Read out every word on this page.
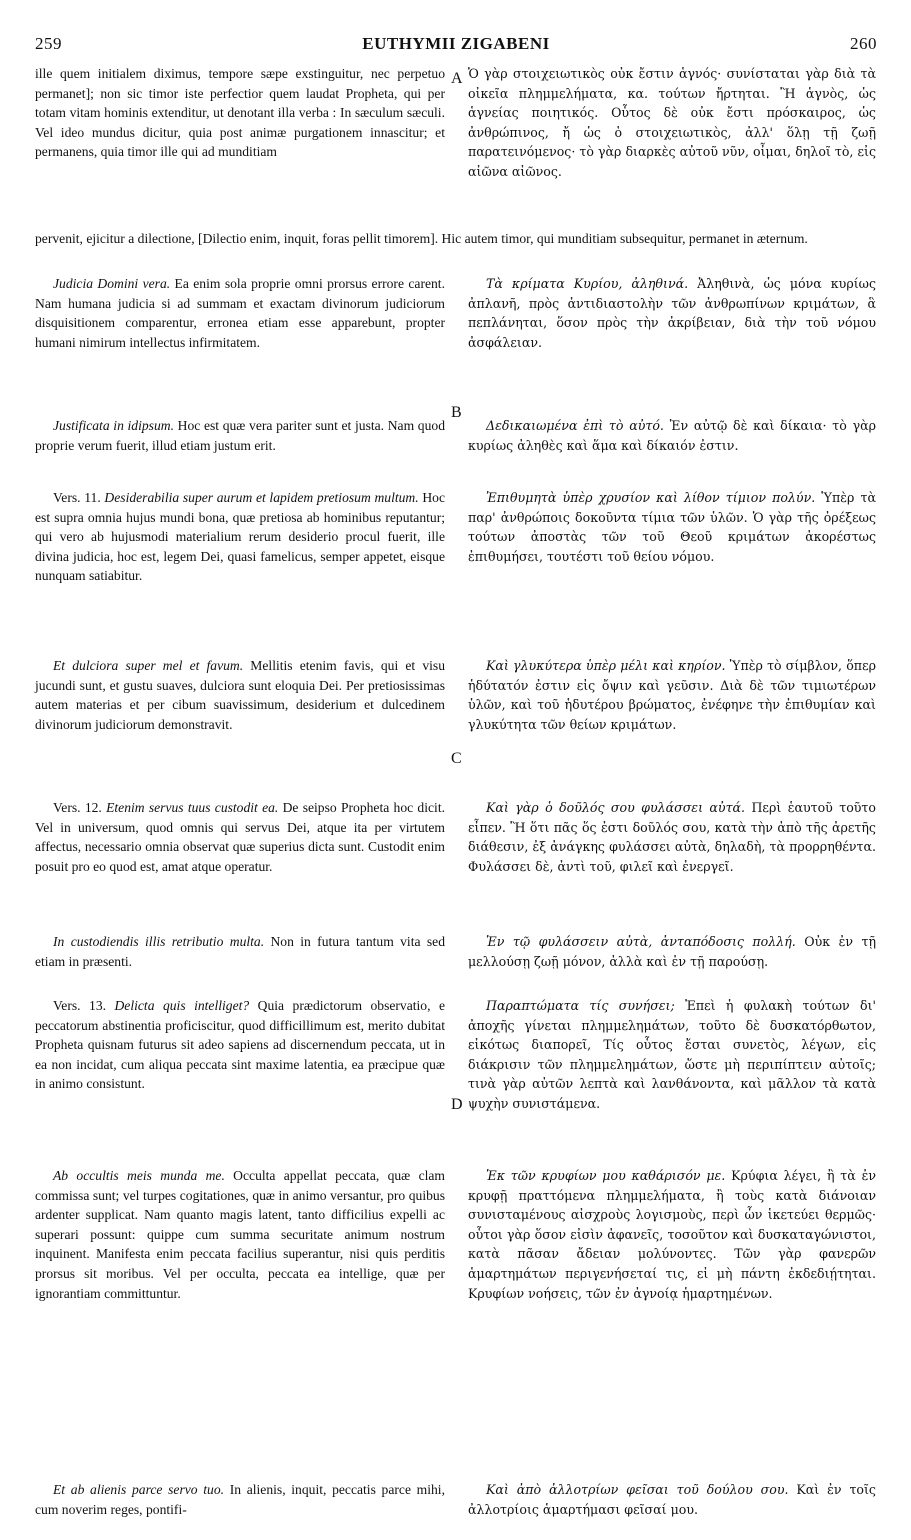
259	EUTHYMII ZIGABENI	260
A
B
C
D

ille quem initialem diximus, tempore sæpe exstinguitur, nec perpetuo permanet]; non sic timor iste perfectior quem laudat Propheta, qui per totam vitam hominis extenditur, ut denotant illa verba : In sæculum sæculi. Vel ideo mundus dicitur, quia post animæ purgationem innascitur; et permanens, quia timor ille qui ad munditiam

Ὁ γὰρ στοιχειωτικὸς οὐκ ἔστιν ἁγνός· συνίσταται γὰρ διὰ τὰ οἰκεῖα πλημμελήματα, κα. τούτων ἤρτηται. Ἢ ἁγνὸς, ὡς ἁγνείας ποιητικός. Οὗτος δὲ οὐκ ἔστι πρόσκαιρος, ὡς ἀνθρώπινος, ἤ ὡς ὁ στοιχειωτικὸς, ἀλλ' ὅλῃ τῇ ζωῇ παρατεινόμενος· τὸ γὰρ διαρκὲς αὐτοῦ νῦν, οἶμαι, δηλοῖ τὸ, εἰς αἰῶνα αἰῶνος.

pervenit, ejicitur a dilectione, [Dilectio enim, inquit, foras pellit timorem]. Hic autem timor, qui munditiam subsequitur, permanet in æternum.

Judicia Domini vera. Ea enim sola proprie omni prorsus errore carent. Nam humana judicia si ad summam et exactam divinorum judiciorum disquisitionem comparentur, erronea etiam esse apparebunt, propter humani nimirum intellectus infirmitatem.

Τὰ κρίματα Κυρίου, ἀληθινά. Ἀληθινὰ, ὡς μόνα κυρίως ἀπλανῆ, πρὸς ἀντιδιαστολὴν τῶν ἀνθρωπίνων κριμάτων, ἃ πεπλάνηται, ὅσον πρὸς τὴν ἀκρίβειαν, διὰ τὴν τοῦ νόμου ἀσφάλειαν.

Justificata in idipsum. Hoc est quæ vera pariter sunt et justa. Nam quod proprie verum fuerit, illud etiam justum erit.

Δεδικαιωμένα ἐπὶ τὸ αὐτό. Ἐν αὐτῷ δὲ καὶ δίκαια· τὸ γὰρ κυρίως ἀληθὲς καὶ ἅμα καὶ δίκαιόν ἐστιν.

Vers. 11. Desiderabilia super aurum et lapidem pretiosum multum. Hoc est supra omnia hujus mundi bona, quæ pretiosa ab hominibus reputantur; qui vero ab hujusmodi materialium rerum desiderio procul fuerit, ille divina judicia, hoc est, legem Dei, quasi famelicus, semper appetet, eisque nunquam satiabitur.

Ἐπιθυμητὰ ὑπὲρ χρυσίον καὶ λίθον τίμιον πολύν. Ὑπὲρ τὰ παρ' ἀνθρώποις δοκοῦντα τίμια τῶν ὑλῶν. Ὁ γὰρ τῆς ὀρέξεως τούτων ἀποστὰς τῶν τοῦ Θεοῦ κριμάτων ἀκορέστως ἐπιθυμήσει, τουτέστι τοῦ θείου νόμου.

Et dulciora super mel et favum. Mellitis etenim favis, qui et visu jucundi sunt, et gustu suaves, dulciora sunt eloquia Dei. Per pretiosissimas autem materias et per cibum suavissimum, desiderium et dulcedinem divinorum judiciorum demonstravit.

Καὶ γλυκύτερα ὑπὲρ μέλι καὶ κηρίον. Ὑπὲρ τὸ σίμβλον, ὅπερ ἡδύτατόν ἐστιν εἰς ὄψιν καὶ γεῦσιν. Διὰ δὲ τῶν τιμιωτέρων ὑλῶν, καὶ τοῦ ἡδυτέρου βρώματος, ἐνέφηνε τὴν ἐπιθυμίαν καὶ γλυκύτητα τῶν θείων κριμάτων.

Vers. 12. Etenim servus tuus custodit ea. De seipso Propheta hoc dicit. Vel in universum, quod omnis qui servus Dei, atque ita per virtutem affectus, necessario omnia observat quæ superius dicta sunt. Custodit enim posuit pro eo quod est, amat atque operatur.

Καὶ γὰρ ὁ δοῦλός σου φυλάσσει αὐτά. Περὶ ἑαυτοῦ τοῦτο εἶπεν. Ἢ ὅτι πᾶς ὅς ἐστι δοῦλός σου, κατὰ τὴν ἀπὸ τῆς ἀρετῆς διάθεσιν, ἐξ ἀνάγκης φυλάσσει αὐτὰ, δηλαδὴ, τὰ προρρηθέντα. Φυλάσσει δὲ, ἀντὶ τοῦ, φιλεῖ καὶ ἐνεργεῖ.

In custodiendis illis retributio multa. Non in futura tantum vita sed etiam in præsenti.

Ἐν τῷ φυλάσσειν αὐτὰ, ἀνταπόδοσις πολλή. Οὐκ ἐν τῇ μελλούσῃ ζωῇ μόνον, ἀλλὰ καὶ ἐν τῇ παρούσῃ.

Vers. 13. Delicta quis intelliget? Quia prædictorum observatio, e peccatorum abstinentia proficiscitur, quod difficillimum est, merito dubitat Propheta quisnam futurus sit adeo sapiens ad discernendum peccata, ut in ea non incidat, cum aliqua peccata sint maxime latentia, ea præcipue quæ in animo consistunt.

Παραπτώματα τίς συνήσει; Ἐπεὶ ἡ φυλακὴ τούτων δι' ἀποχῆς γίνεται πλημμελημάτων, τοῦτο δὲ δυσκατόρθωτον, εἰκότως διαπορεῖ, Τίς οὗτος ἔσται συνετὸς, λέγων, εἰς διάκρισιν τῶν πλημμελημάτων, ὥστε μὴ περιπίπτειν αὐτοῖς; τινὰ γὰρ αὐτῶν λεπτὰ καὶ λανθάνοντα, καὶ μᾶλλον τὰ κατὰ ψυχὴν συνιστάμενα.

Ab occultis meis munda me. Occulta appellat peccata, quæ clam commissa sunt; vel turpes cogitationes, quæ in animo versantur, pro quibus ardenter supplicat. Nam quanto magis latent, tanto difficilius expelli ac superari possunt: quippe cum summa securitate animum nostrum inquinent. Manifesta enim peccata facilius superantur, nisi quis perditis prorsus sit moribus. Vel per occulta, peccata ea intellige, quæ per ignorantiam committuntur.

Ἐκ τῶν κρυφίων μου καθάρισόν με. Κρύφια λέγει, ἢ τὰ ἐν κρυφῇ πραττόμενα πλημμελήματα, ἢ τοὺς κατὰ διάνοιαν συνισταμένους αἰσχροὺς λογισμοὺς, περὶ ὧν ἱκετεύει θερμῶς· οὗτοι γὰρ ὅσον εἰσὶν ἀφανεῖς, τοσοῦτον καὶ δυσκαταγώνιστοι, κατὰ πᾶσαν ἄδειαν μολύνοντες. Τῶν γὰρ φανερῶν ἁμαρτημάτων περιγενήσεταί τις, εἰ μὴ πάντη ἐκδεδιῄτηται. Κρυφίων νοήσεις, τῶν ἐν ἀγνοίᾳ ἡμαρτημένων.

Et ab alienis parce servo tuo. In alienis, inquit, peccatis parce mihi, cum noverim reges, pontifi-

Καὶ ἀπὸ ἀλλοτρίων φεῖσαι τοῦ δούλου σου. Καὶ ἐν τοῖς ἀλλοτρίοις ἁμαρτήμασι φεῖσαί μου.
